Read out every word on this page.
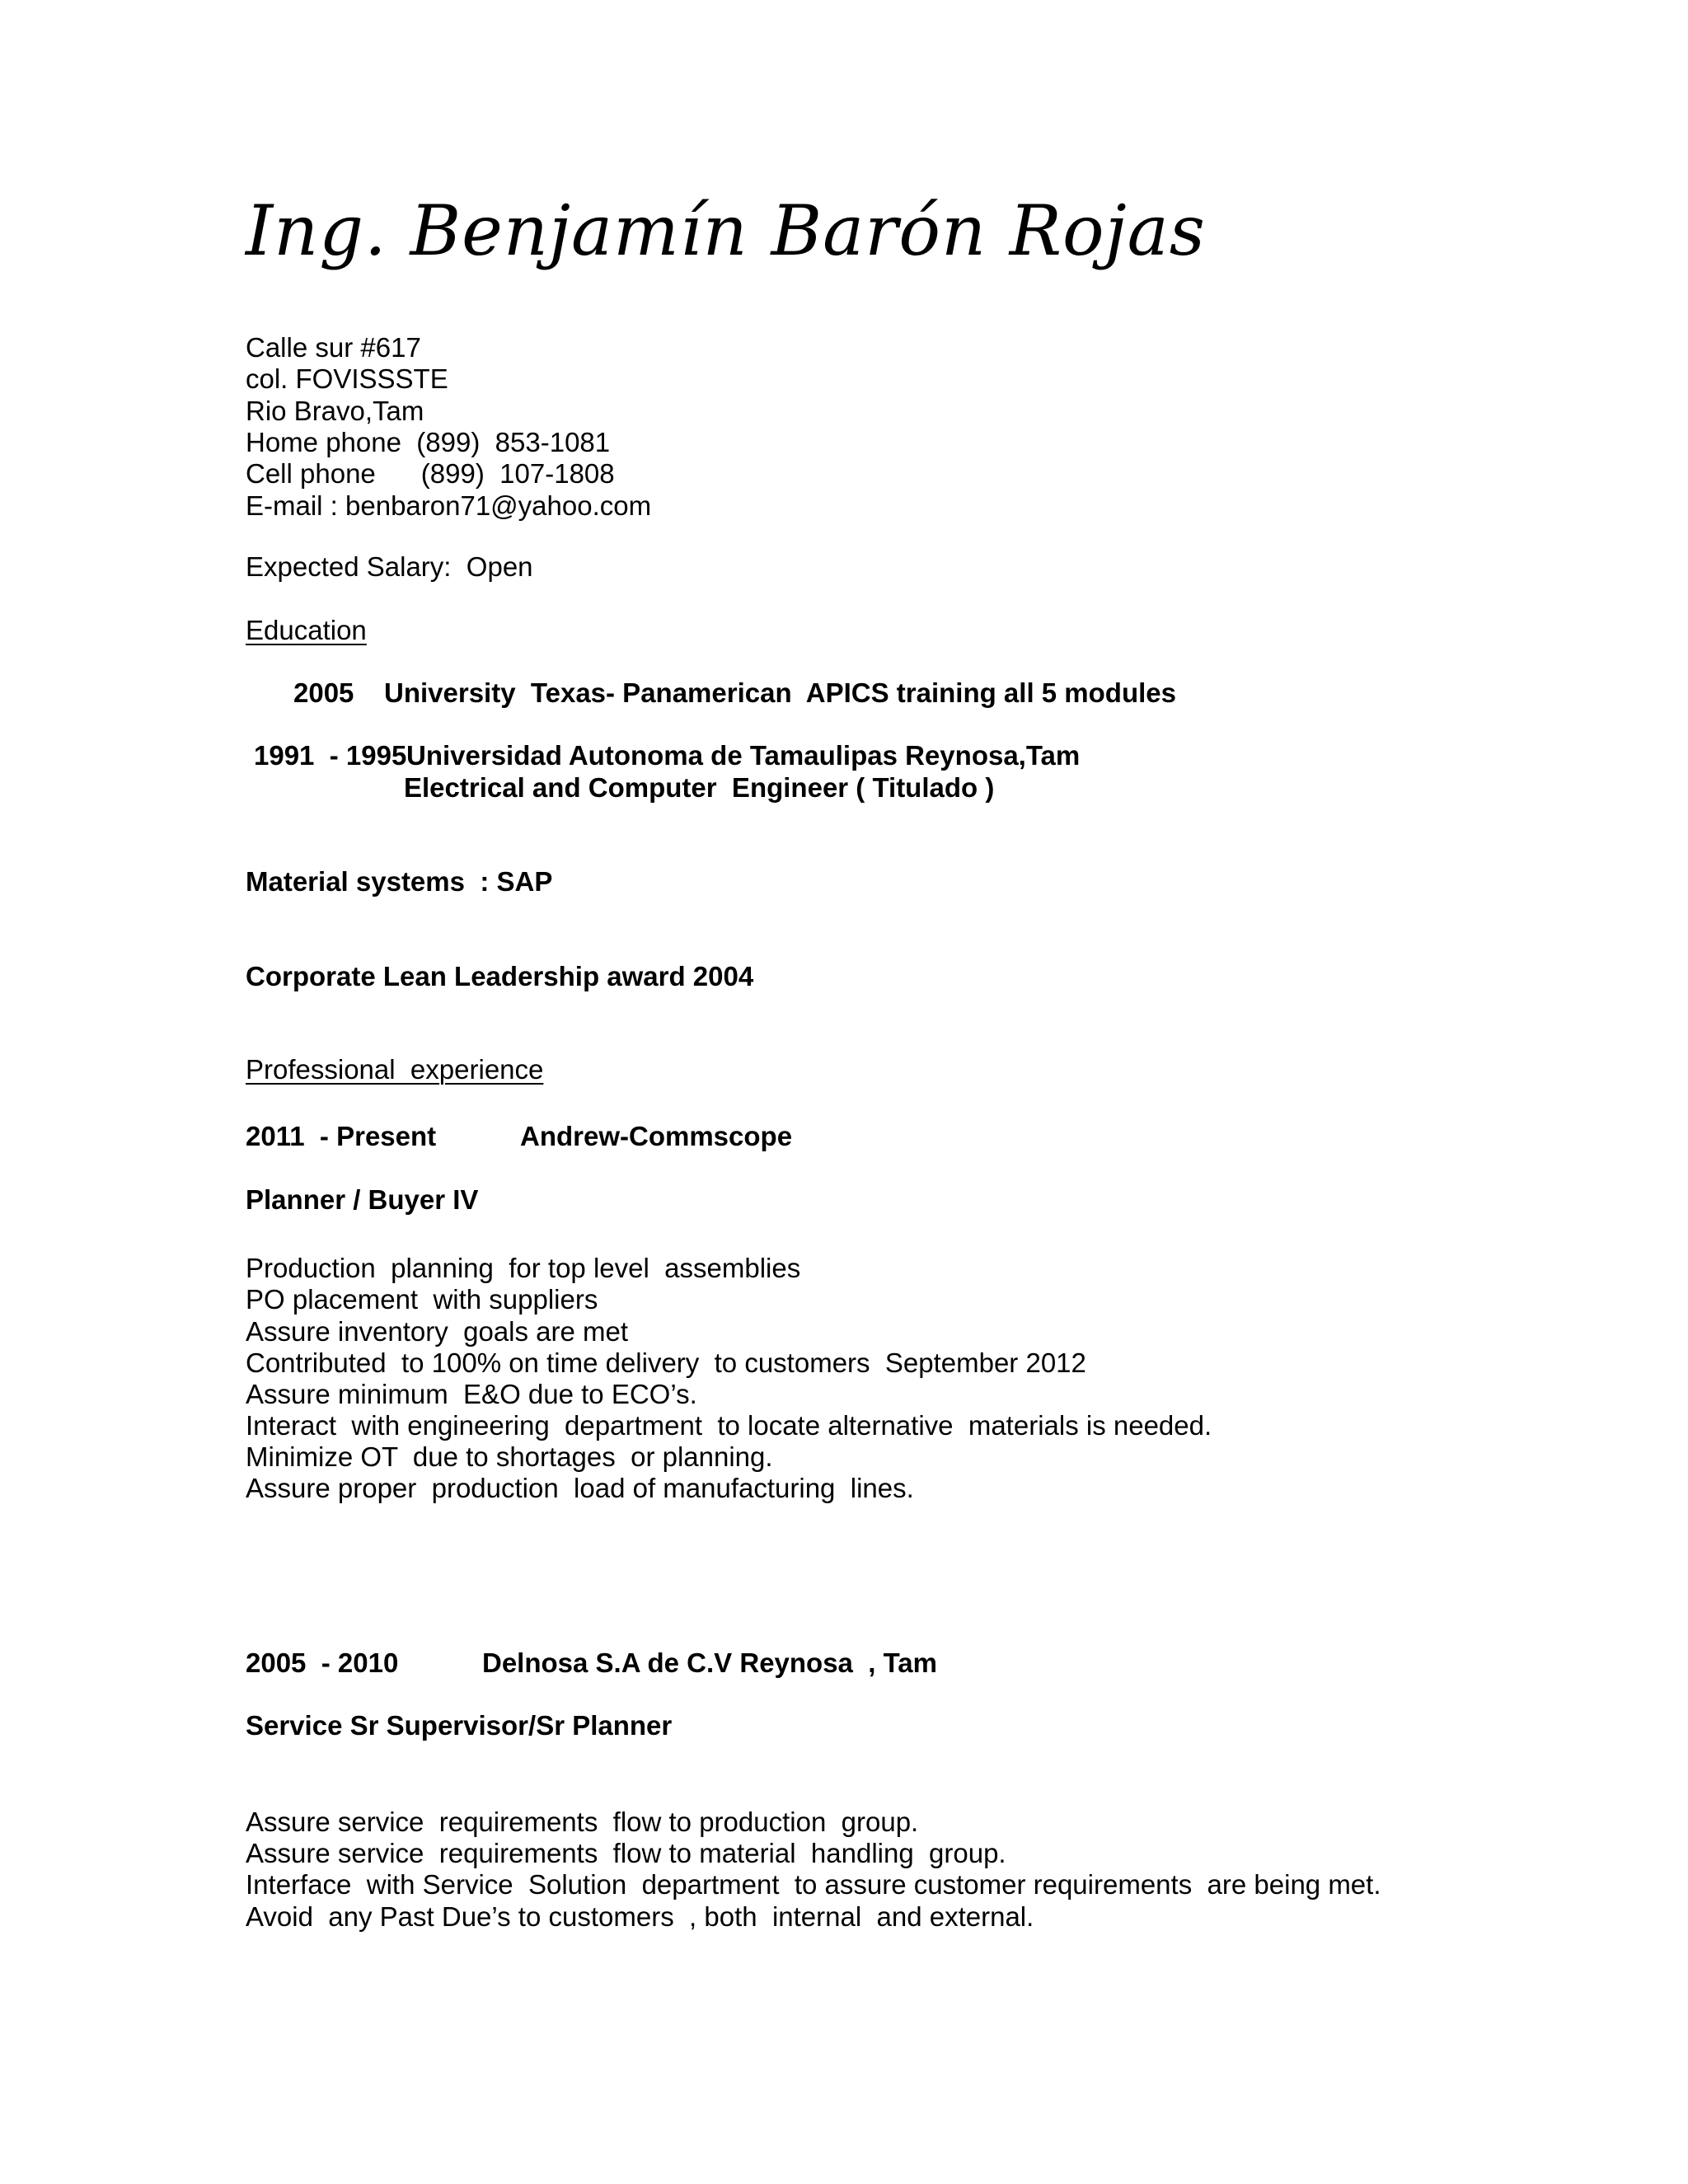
Ing. Benjamín Barón Rojas
Calle sur #617
col. FOVISSSTE
Rio Bravo,Tam
Home phone  (899)  853-1081
Cell phone      (899)  107-1808
E-mail : benbaron71@yahoo.com
Expected Salary:  Open
Education
2005 University  Texas- Panamerican  APICS training all 5 modules
1991  - 1995 Universidad Autonoma de Tamaulipas Reynosa,Tam
Electrical and Computer  Engineer ( Titulado )
Material systems  : SAP
Corporate Lean Leadership award 2004
Professional  experience
2011  - Present	Andrew-Commscope
Planner / Buyer IV
Production  planning  for top level  assemblies
PO placement  with suppliers
Assure inventory  goals are met
Contributed  to 100% on time delivery  to customers  September 2012
Assure minimum  E&O due to ECO’s.
Interact  with engineering  department  to locate alternative  materials is needed.
Minimize OT  due to shortages  or planning.
Assure proper  production  load of manufacturing  lines.
2005  - 2010	Delnosa S.A de C.V Reynosa  , Tam
Service Sr Supervisor/Sr Planner
Assure service  requirements  flow to production  group.
Assure service  requirements  flow to material  handling  group.
Interface  with Service  Solution  department  to assure customer requirements  are being met.
Avoid  any Past Due’s to customers  , both  internal  and external.
